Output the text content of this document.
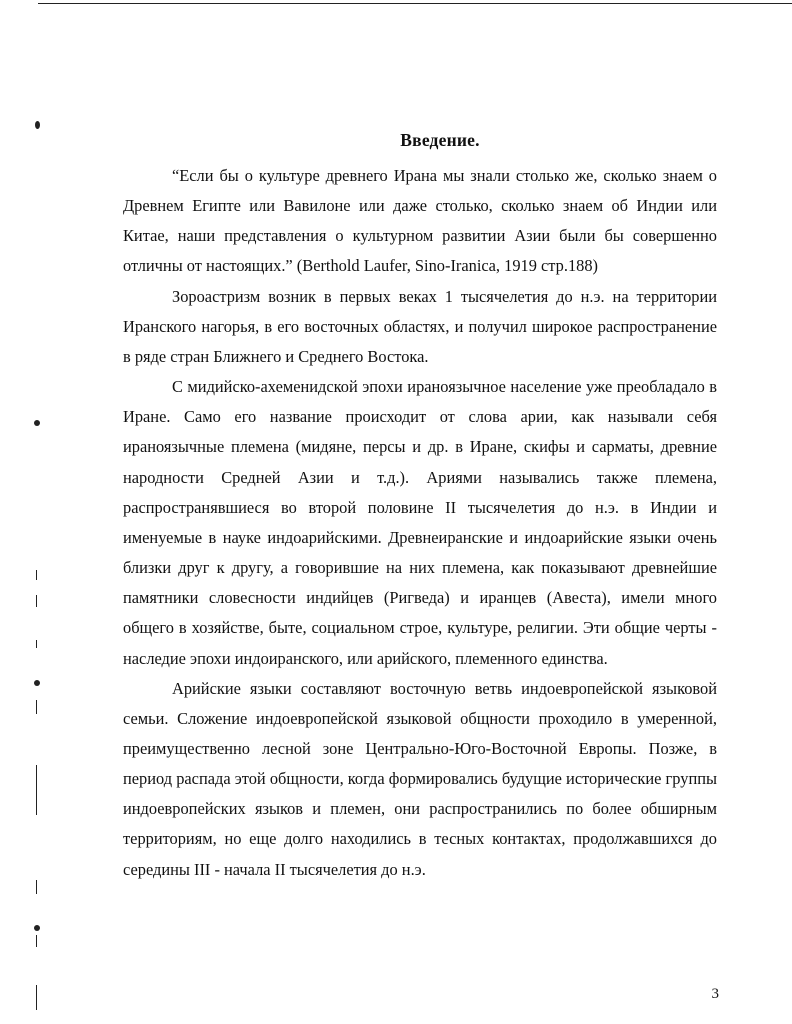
Введение.

“Если бы о культуре древнего Ирана мы знали столько же, сколько знаем о Древнем Египте или Вавилоне или даже столько, сколько знаем об Индии или Китае, наши представления о культурном развитии Азии были бы совершенно отличны от настоящих.” (Berthold Laufer, Sino-Iranica, 1919 стр.188)

Зороастризм возник в первых веках 1 тысячелетия до н.э. на территории Иранского нагорья, в его восточных областях, и получил широкое распространение в ряде стран Ближнего и Среднего Востока.

С мидийско-ахеменидской эпохи ираноязычное население уже преобладало в Иране. Само его название происходит от слова арии, как называли себя ираноязычные племена (мидяне, персы и др. в Иране, скифы и сарматы, древние народности Средней Азии и т.д.). Ариями назывались также племена, распространявшиеся во второй половине II тысячелетия до н.э. в Индии и именуемые в науке индоарийскими. Древнеиранские и индоарийские языки очень близки друг к другу, а говорившие на них племена, как показывают древнейшие памятники словесности индийцев (Ригведа) и иранцев (Авеста), имели много общего в хозяйстве, быте, социальном строе, культуре, религии. Эти общие черты - наследие эпохи индоиранского, или арийского, племенного единства.

Арийские языки составляют восточную ветвь индоевропейской языковой семьи. Сложение индоевропейской языковой общности проходило в умеренной, преимущественно лесной зоне Центрально-Юго-Восточной Европы. Позже, в период распада этой общности, когда формировались будущие исторические группы индоевропейских языков и племен, они распространились по более обширным территориям, но еще долго находились в тесных контактах, продолжавшихся до середины III - начала II тысячелетия до н.э.

3
